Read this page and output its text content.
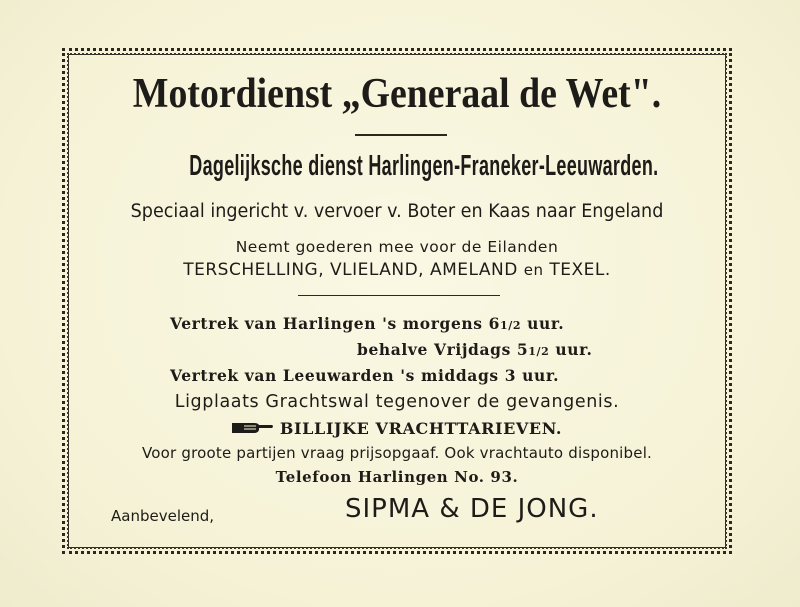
Motordienst „Generaal de Wet".
Dagelijksche dienst Harlingen-Franeker-Leeuwarden.
Speciaal ingericht v. vervoer v. Boter en Kaas naar Engeland
Neemt goederen mee voor de Eilanden
TERSCHELLING, VLIELAND, AMELAND en TEXEL.
Vertrek van Harlingen 's morgens 61/2 uur.
behalve Vrijdags 51/2 uur.
Vertrek van Leeuwarden 's middags 3 uur.
Ligplaats Grachtswal tegenover de gevangenis.
BILLIJKE VRACHTTARIEVEN.
Voor groote partijen vraag prijsopgaaf. Ook vrachtauto disponibel.
Telefoon Harlingen No. 93.
Aanbevelend,	SIPMA & DE JONG.
